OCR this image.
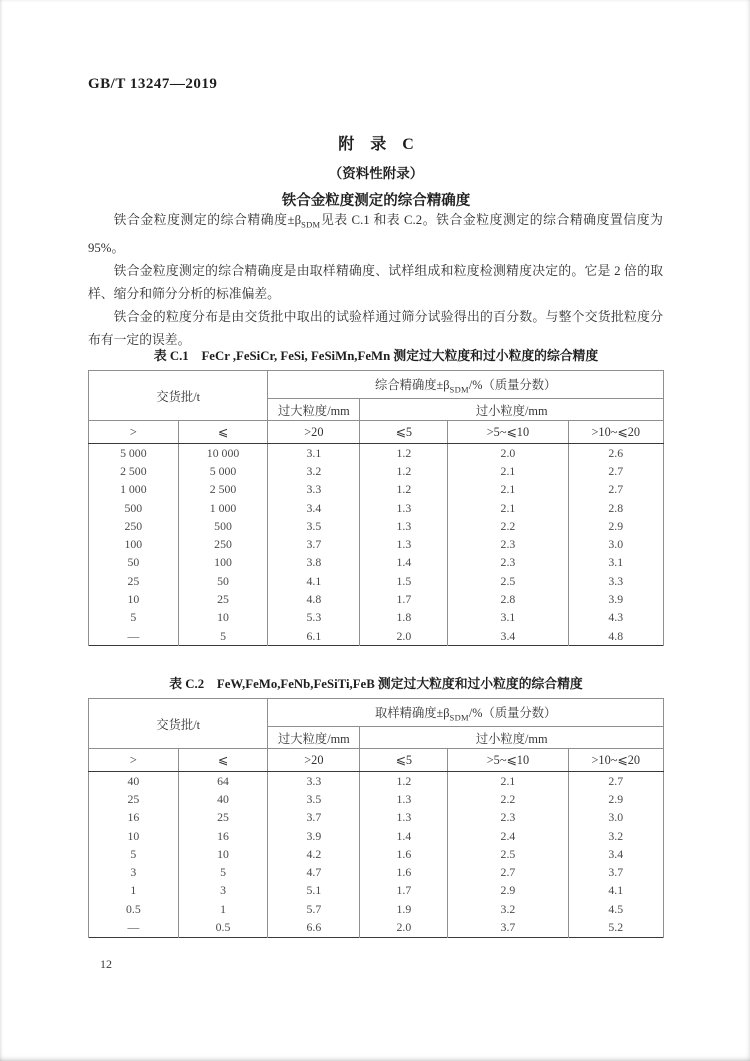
GB/T 13247—2019
附　录　C
（资料性附录）
铁合金粒度测定的综合精确度

铁合金粒度测定的综合精确度$\pm\beta_{SDM}$见表 C.1 和表 C.2。铁合金粒度测定的综合精确度置信度为 95%。

铁合金粒度测定的综合精确度是由取样精确度、试样组成和粒度检测精度决定的。它是 2 倍的取样、缩分和筛分分析的标准偏差。

铁合金的粒度分布是由交货批中取出的试验样通过筛分试验得出的百分数。与整个交货批粒度分布有一定的误差。

表 C.1　FeCr ,FeSiCr, FeSi, FeSiMn,FeMn 测定过大粒度和过小粒度的综合精度
交货批/t		综合精确度$\pm\beta_{SDM}/\%$（质量分数）			
		过大粒度/mm	过小粒度/mm		
>	⩽	>20	⩽5	>5~⩽10	>10~⩽20
5 000	10 000	3.1	1.2	2.0	2.6
2 500	5 000	3.2	1.2	2.1	2.7
1 000	2 500	3.3	1.2	2.1	2.7
500	1 000	3.4	1.3	2.1	2.8
250	500	3.5	1.3	2.2	2.9
100	250	3.7	1.3	2.3	3.0
50	100	3.8	1.4	2.3	3.1
25	50	4.1	1.5	2.5	3.3
10	25	4.8	1.7	2.8	3.9
5	10	5.3	1.8	3.1	4.3
—	5	6.1	2.0	3.4	4.8
表 C.2　FeW,FeMo,FeNb,FeSiTi,FeB 测定过大粒度和过小粒度的综合精度
交货批/t		取样精确度$\pm\beta_{SDM}/\%$（质量分数）			
		过大粒度/mm	过小粒度/mm		
>	⩽	>20	⩽5	>5~⩽10	>10~⩽20
40	64	3.3	1.2	2.1	2.7
25	40	3.5	1.3	2.2	2.9
16	25	3.7	1.3	2.3	3.0
10	16	3.9	1.4	2.4	3.2
5	10	4.2	1.6	2.5	3.4
3	5	4.7	1.6	2.7	3.7
1	3	5.1	1.7	2.9	4.1
0.5	1	5.7	1.9	3.2	4.5
—	0.5	6.6	2.0	3.7	5.2
12
